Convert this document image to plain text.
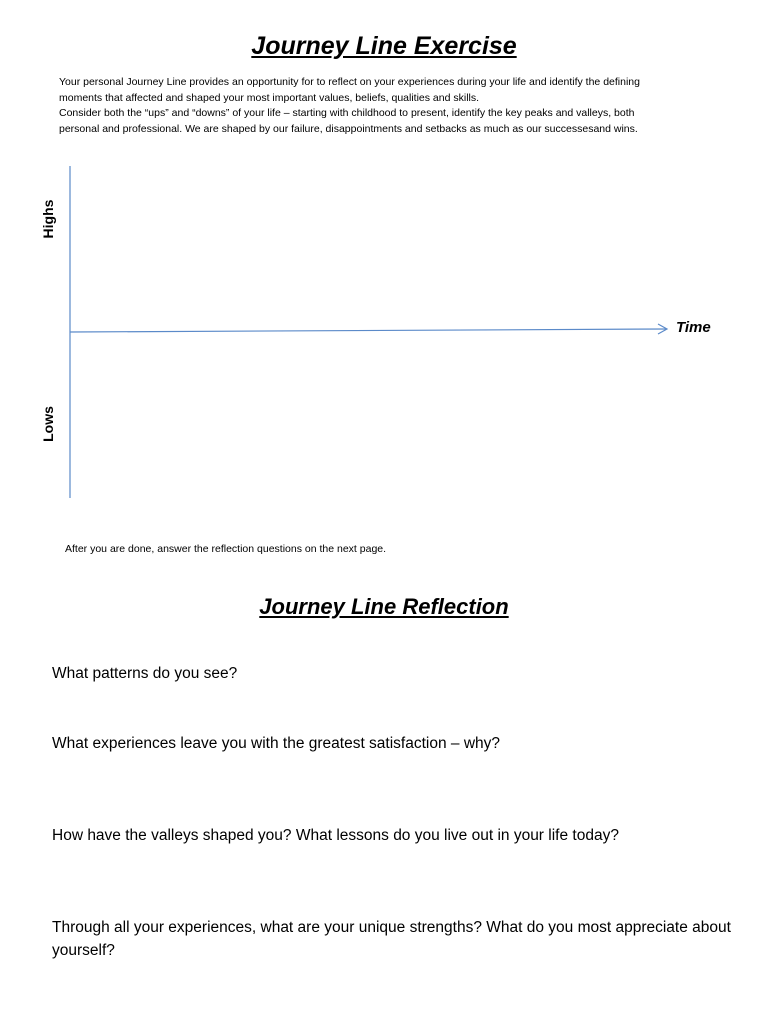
Journey Line Exercise

Your personal Journey Line provides an opportunity for to reflect on your experiences during your life and identify the defining

moments that affected and shaped your most important values, beliefs, qualities and skills.

Consider both the “ups” and “downs” of your life – starting with childhood to present, identify the key peaks and valleys, both

personal and professional. We are shaped by our failure, disappointments and setbacks as much as our successesand wins.

Highs
Lows
Time
After you are done, answer the reflection questions on the next page.
Journey Line Reflection

What patterns do you see?

What experiences leave you with the greatest satisfaction – why?

How have the valleys shaped you? What lessons do you live out in your life today?

Through all your experiences, what are your unique strengths? What do you most appreciate about yourself?
